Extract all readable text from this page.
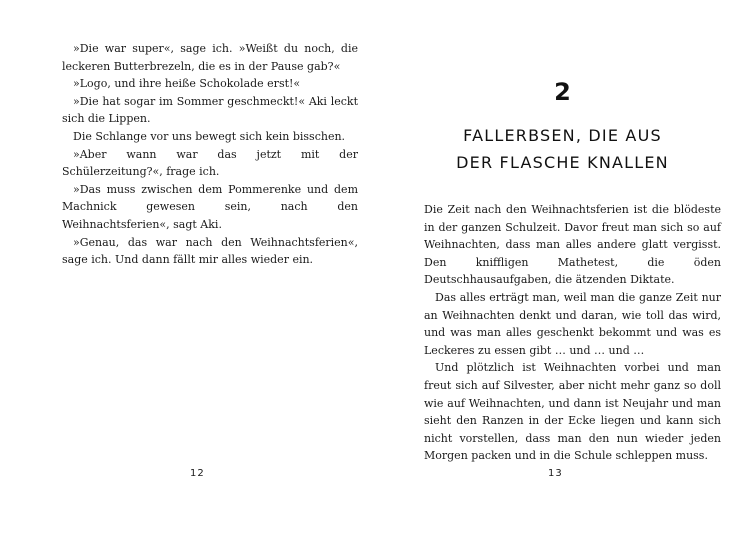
»Die war super«, sage ich. »Weißt du noch, die leckeren Butterbrezeln, die es in der Pause gab?«

»Logo, und ihre heiße Schokolade erst!«

»Die hat sogar im Sommer geschmeckt!« Aki leckt sich die Lippen.

Die Schlange vor uns bewegt sich kein bisschen.

»Aber wann war das jetzt mit der Schülerzeitung?«, frage ich.

»Das muss zwischen dem Pommerenke und dem Machnick gewesen sein, nach den Weihnachtsferien«, sagt Aki.

»Genau, das war nach den Weihnachtsferien«, sage ich. Und dann fällt mir alles wieder ein.

12
2
FALLERBSEN, DIE AUS
DER FLASCHE KNALLEN

Die Zeit nach den Weihnachtsferien ist die blödeste in der ganzen Schulzeit. Davor freut man sich so auf Weihnachten, dass man alles andere glatt vergisst. Den kniffligen Mathetest, die öden Deutschhausaufgaben, die ätzenden Diktate.

Das alles erträgt man, weil man die ganze Zeit nur an Weihnachten denkt und daran, wie toll das wird, und was man alles geschenkt bekommt und was es Leckeres zu essen gibt … und … und …

Und plötzlich ist Weihnachten vorbei und man freut sich auf Silvester, aber nicht mehr ganz so doll wie auf Weihnachten, und dann ist Neujahr und man sieht den Ranzen in der Ecke liegen und kann sich nicht vorstellen, dass man den nun wieder jeden Morgen packen und in die Schule schleppen muss.

13
